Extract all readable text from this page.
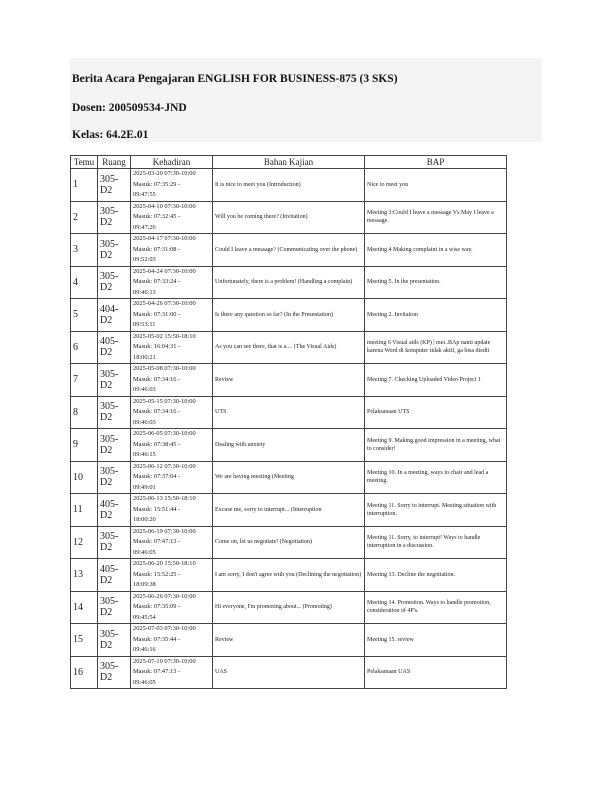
Berita Acara Pengajaran ENGLISH FOR BUSINESS-875 (3 SKS)
Dosen: 200509534-JND
Kelas: 64.2E.01
Temu	Ruang	Kehadiran	Bahan Kajian	BAP
1	305-D2	2025-03-20 07:30-10:00
Masuk: 07:35:29 -
09:47:55	It is nice to meet you (Introduction)	Nice to meet you
2	305-D2	2025-04-10 07:30-10:00
Masuk: 07:32:45 -
09:47:26	Will you be coming there? (Invitation)	Meeting 3:Could I leave a message Vs May I leave a message.
3	305-D2	2025-04-17 07:30-10:00
Masuk: 07:31:08 -
09:52:03	Could I leave a message? (Communicating over the phone)	Meeting 4 Making complaint in a wise way.
4	305-D2	2025-04-24 07:30-10:00
Masuk: 07:33:24 -
09:46:13	Unfortunately, there is a problem! (Handling a complain)	Meeting 5. In the presentation.
5	404-D2	2025-04-26 07:30-10:00
Masuk: 07:31:00 -
09:53:11	Is there any question so far? (In the Presentation)	Meeting 2. Invitation
6	405-D2	2025-05-02 15:50-18:10
Masuk: 16:04:31 -
18:00:21	As you can see there, that is a.... (The Visual Aids)	meeting 6 Visual aids (KP) | mei..BAp nanti update karena Word di komputer tidak aktif, ga bisa diedit
7	305-D2	2025-05-08 07:30-10:00
Masuk: 07:34:16 -
09:46:03	Review	Meeting 7. Checking Uploaded Video Project 1
8	305-D2	2025-05-15 07:30-10:00
Masuk: 07:34:16 -
09:46:03	UTS	Pelaksanaan UTS
9	305-D2	2025-06-05 07:30-10:00
Masuk: 07:38:45 -
09:46:15	Dealing with anxiety	Meeting 9. Making good impression in a meeting, what to consider!
10	305-D2	2025-06-12 07:30-10:00
Masuk: 07:37:04 -
09:49:01	We are having meeting (Meeting	Meeting 10. In a meeting, ways to chair and lead a meeting.
11	405-D2	2025-06-13 15:50-18:10
Masuk: 15:51:44 -
18:00:20	Excuse me, sorry to interrupt... (Interruption	Meeting 11. Sorry to interrupt. Meeting situation with interruption.
12	305-D2	2025-06-19 07:30-10:00
Masuk: 07:47:13 -
09:46:05	Come on, let us negotiate! (Negotiation)	Meeting 11. Sorry, to interrupt! Ways to handle interruption in a discussion.
13	405-D2	2025-06-20 15:50-18:10
Masuk: 15:52:25 -
18:09:38	I am sorry, I don't agree with you (Declining the negotiation)	Meeting 13. Decline the negotiation.
14	305-D2	2025-06-26 07:30-10:00
Masuk: 07:35:09 -
09:45:54	Hi everyone, I'm promoting about... (Promoting)	Meeting 14. Promotion. Ways to handle promotion, consideration of 4P's.
15	305-D2	2025-07-03 07:30-10:00
Masuk: 07:35:44 -
09:46:16	Review	Meeting 15. review
16	305-D2	2025-07-10 07:30-10:00
Masuk: 07:47:13 -
09:46:05	UAS	Pelaksanaan UAS
